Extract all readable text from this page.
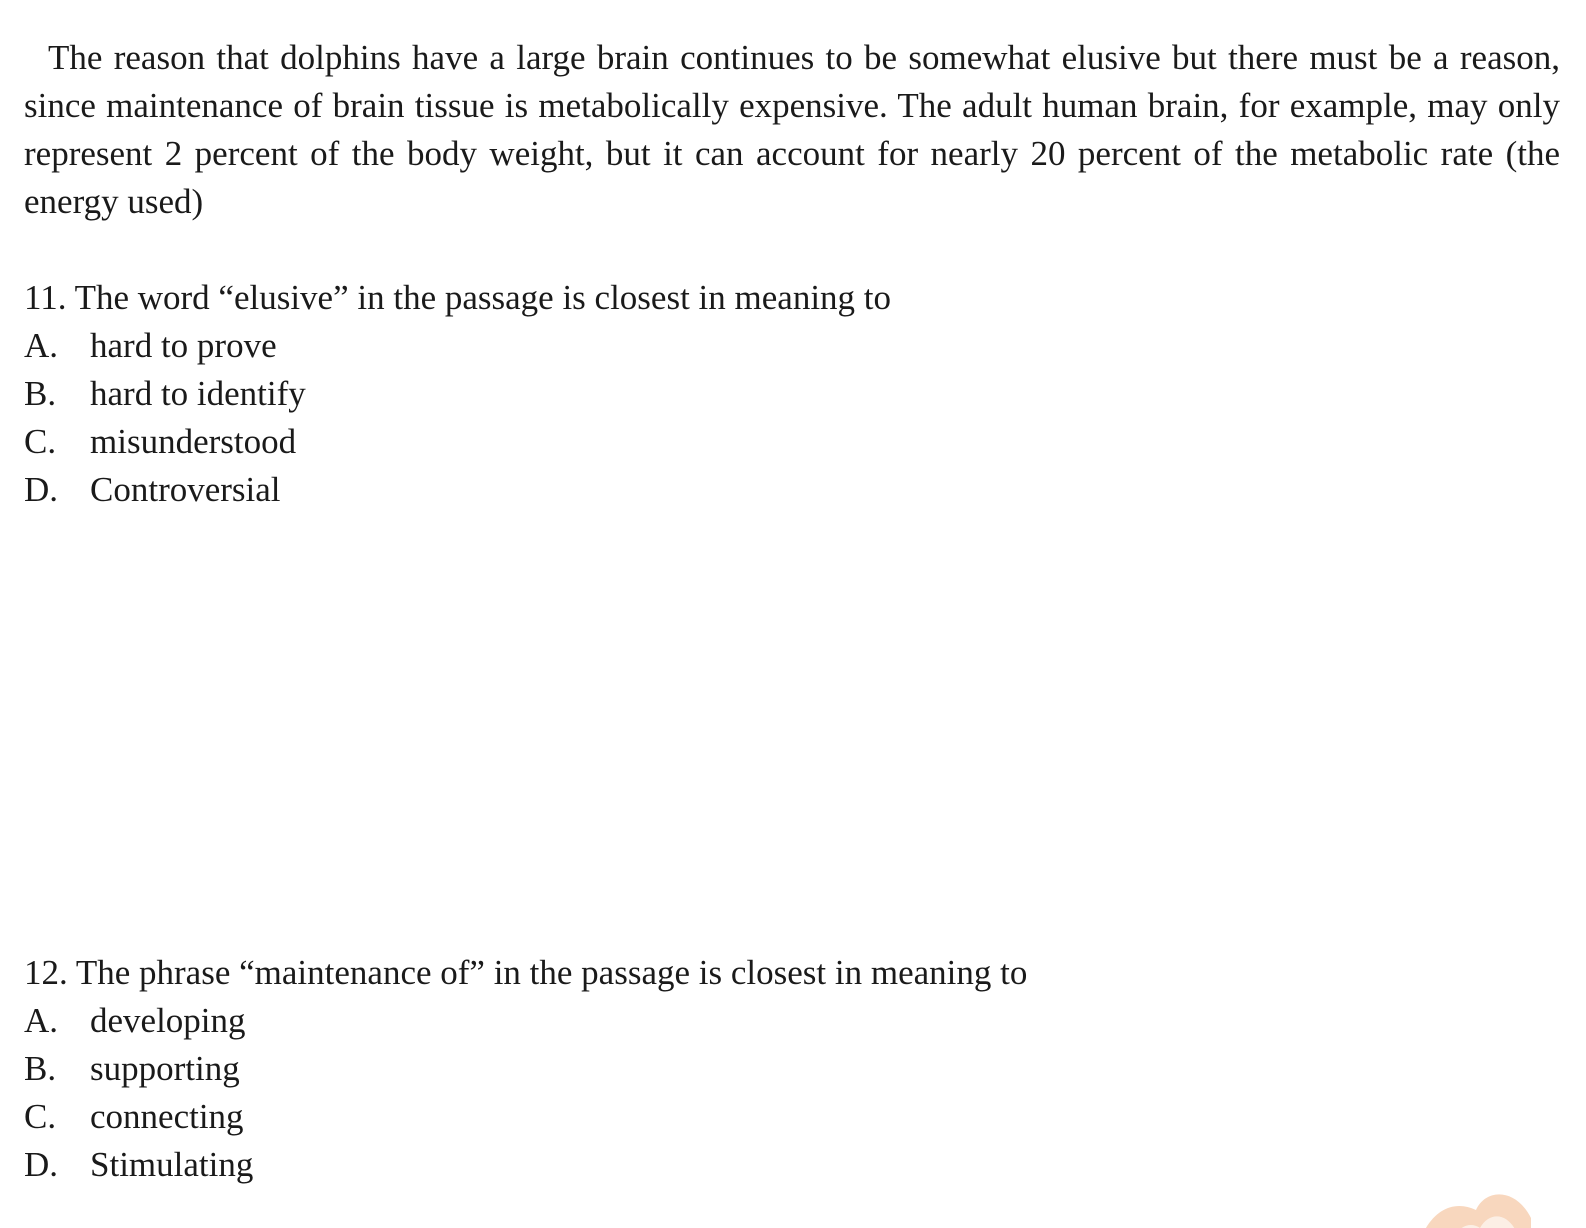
The reason that dolphins have a large brain continues to be somewhat elusive but there must be a reason, since maintenance of brain tissue is metabolically expensive. The adult human brain, for example, may only represent 2 percent of the body weight, but it can account for nearly 20 percent of the metabolic rate (the energy used)

11. The word “elusive” in the passage is closest in meaning to

A. hard to prove
B. hard to identify
C. misunderstood
D. Controversial

12. The phrase “maintenance of” in the passage is closest in meaning to

A. developing
B. supporting
C. connecting
D. Stimulating
